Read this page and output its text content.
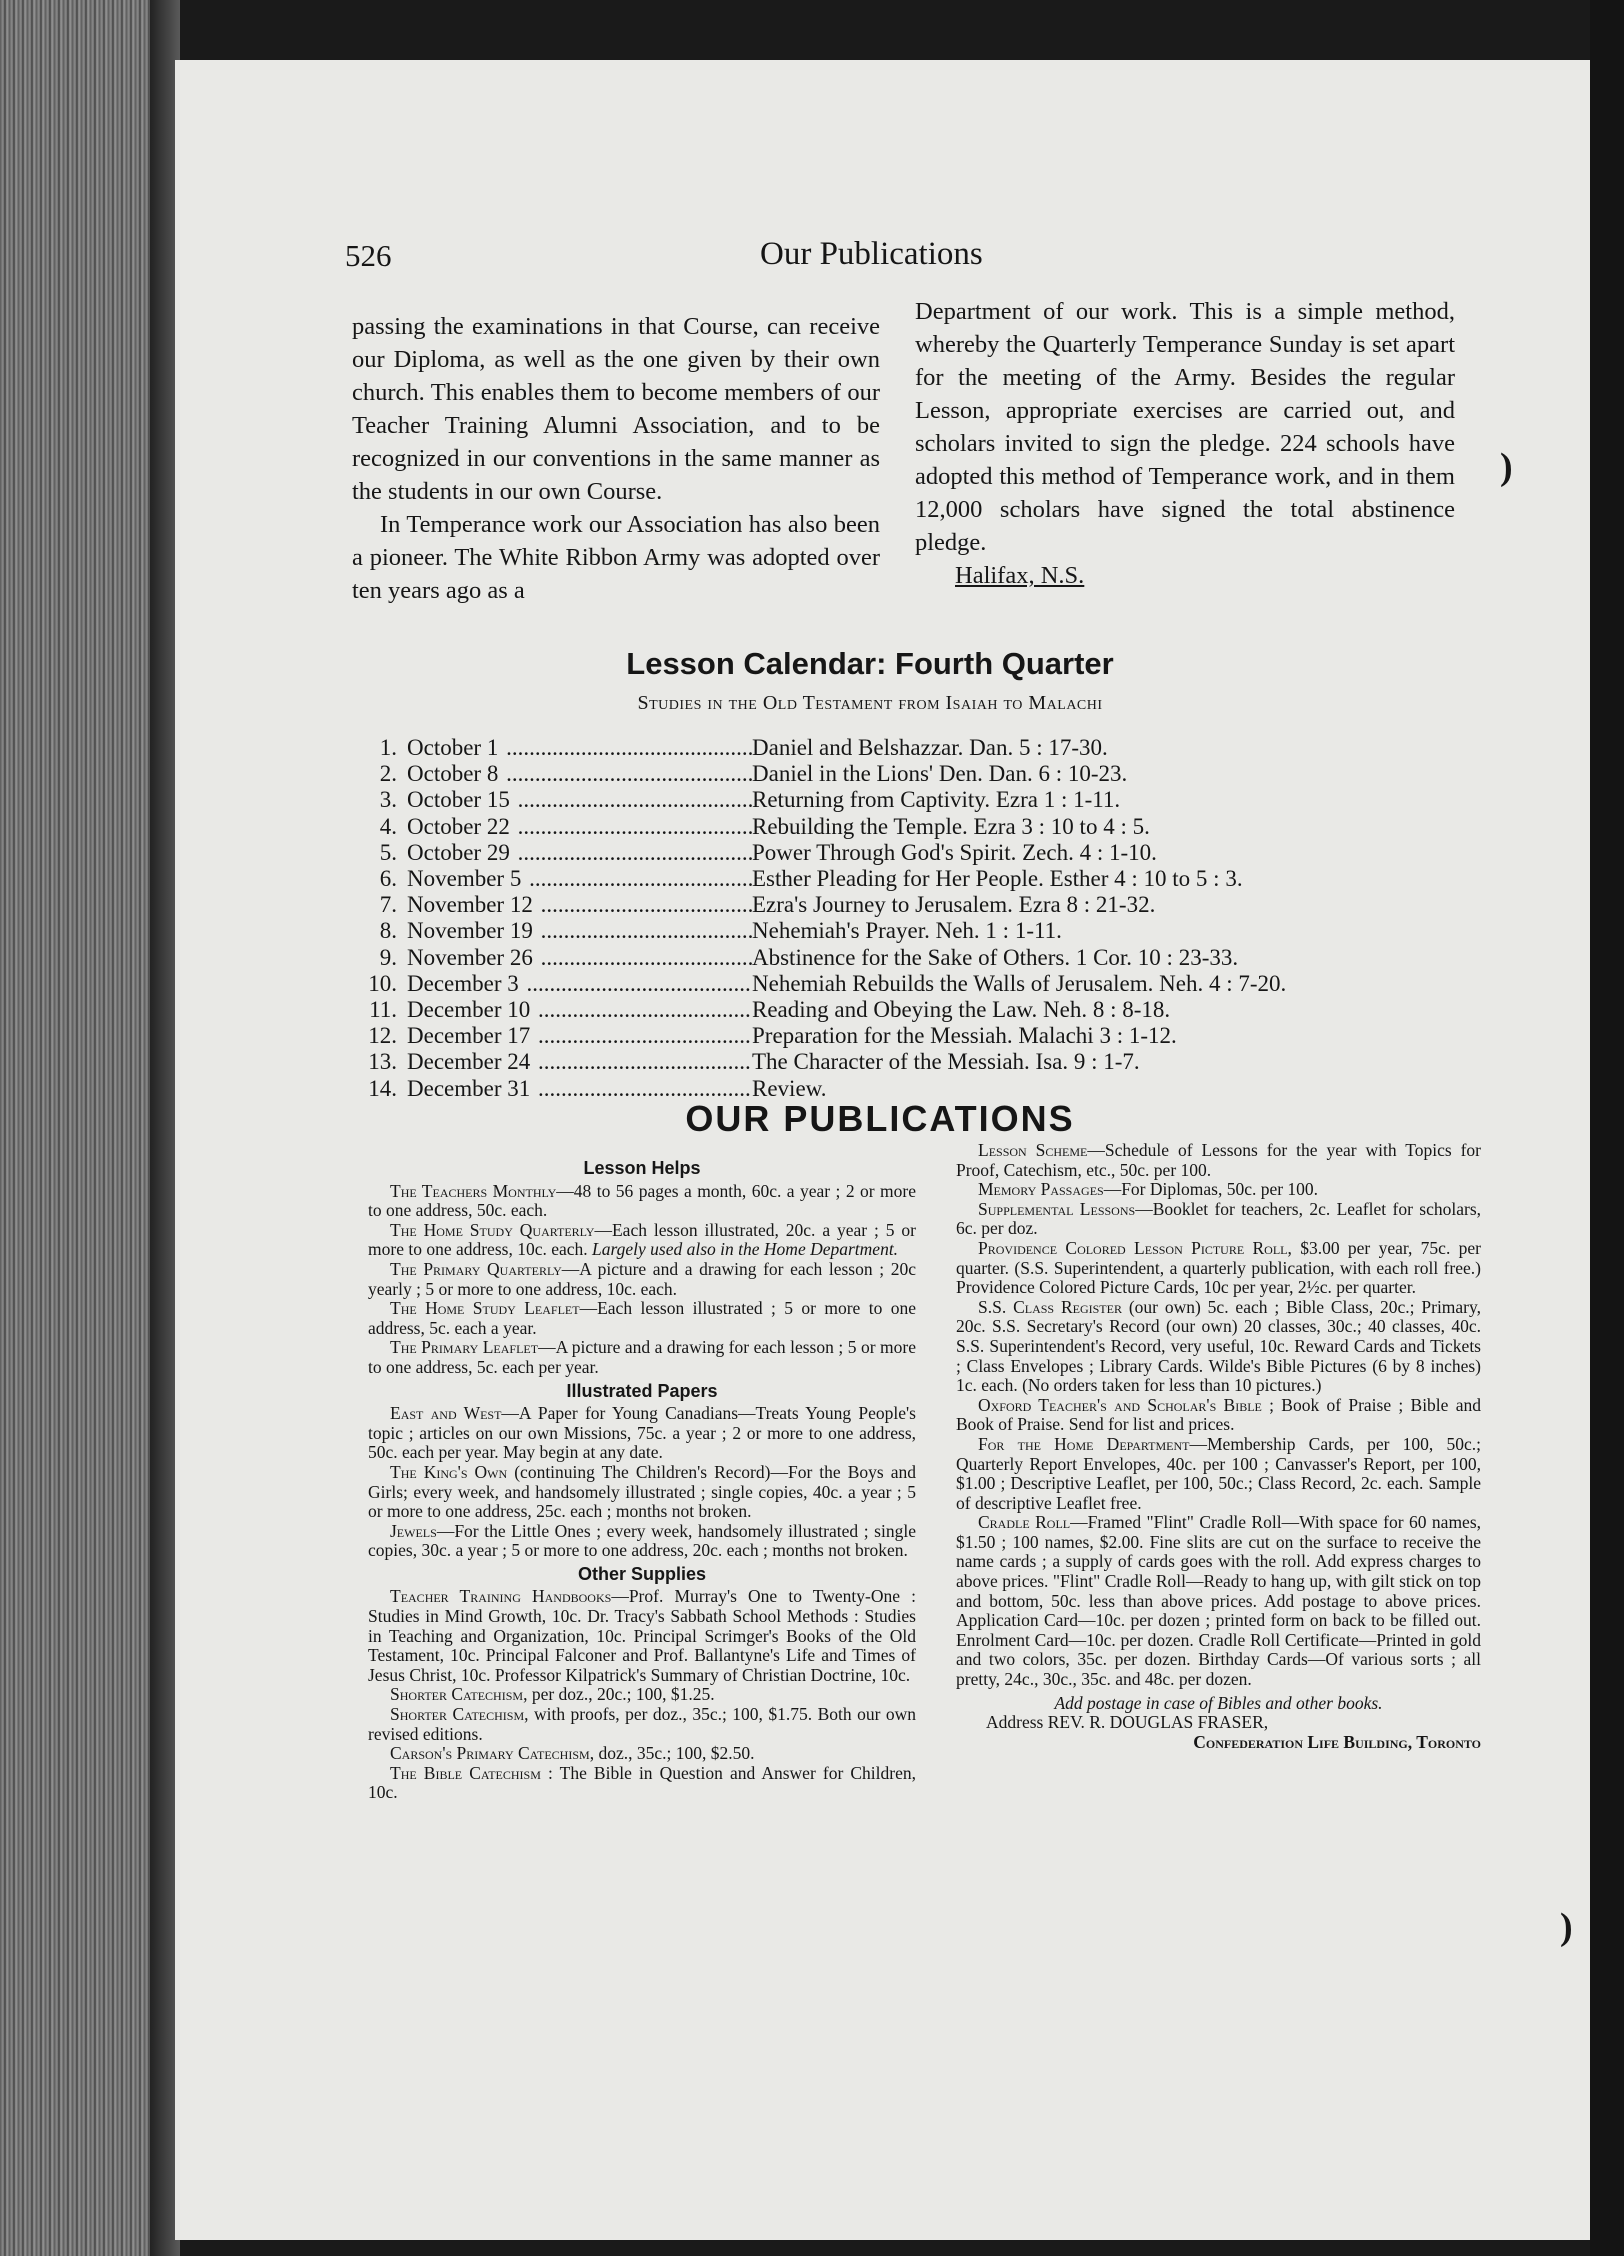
526	Our Publications

passing the examinations in that Course, can receive our Diploma, as well as the one given by their own church. This enables them to become members of our Teacher Training Alumni Association, and to be recognized in our conventions in the same manner as the students in our own Course.

In Temperance work our Association has also been a pioneer. The White Ribbon Army was adopted over ten years ago as a

Department of our work. This is a simple method, whereby the Quarterly Temperance Sunday is set apart for the meeting of the Army. Besides the regular Lesson, appropriate exercises are carried out, and scholars invited to sign the pledge. 224 schools have adopted this method of Temperance work, and in them 12,000 scholars have signed the total abstinence pledge.

Halifax, N.S.
Lesson Calendar: Fourth Quarter
Studies in the Old Testament from Isaiah to Malachi
1. October 1 .....	Daniel and Belshazzar. Dan. 5 : 17-30.
2. October 8 .....	Daniel in the Lions' Den. Dan. 6 : 10-23.
3. October 15 .....	Returning from Captivity. Ezra 1 : 1-11.
4. October 22 .....	Rebuilding the Temple. Ezra 3 : 10 to 4 : 5.
5. October 29 .....	Power Through God's Spirit. Zech. 4 : 1-10.
6. November 5 .....	Esther Pleading for Her People. Esther 4 : 10 to 5 : 3.
7. November 12 .....	Ezra's Journey to Jerusalem. Ezra 8 : 21-32.
8. November 19 .....	Nehemiah's Prayer. Neh. 1 : 1-11.
9. November 26 .....	Abstinence for the Sake of Others. 1 Cor. 10 : 23-33.
10. December 3 .....	Nehemiah Rebuilds the Walls of Jerusalem. Neh. 4 : 7-20.
11. December 10 .....	Reading and Obeying the Law. Neh. 8 : 8-18.
12. December 17 .....	Preparation for the Messiah. Malachi 3 : 1-12.
13. December 24 .....	The Character of the Messiah. Isa. 9 : 1-7.
14. December 31 .....	Review.
OUR PUBLICATIONS
Lesson Helps

The Teachers Monthly—48 to 56 pages a month, 60c. a year ; 2 or more to one address, 50c. each.

The Home Study Quarterly—Each lesson illustrated, 20c. a year ; 5 or more to one address, 10c. each. Largely used also in the Home Department.

The Primary Quarterly—A picture and a drawing for each lesson ; 20c yearly ; 5 or more to one address, 10c. each.

The Home Study Leaflet—Each lesson illustrated ; 5 or more to one address, 5c. each a year.

The Primary Leaflet—A picture and a drawing for each lesson ; 5 or more to one address, 5c. each per year.

Illustrated Papers

East and West—A Paper for Young Canadians—Treats Young People's topic ; articles on our own Missions, 75c. a year ; 2 or more to one address, 50c. each per year. May begin at any date.

The King's Own (continuing The Children's Record)—For the Boys and Girls; every week, and handsomely illustrated ; single copies, 40c. a year ; 5 or more to one address, 25c. each ; months not broken.

Jewels—For the Little Ones ; every week, handsomely illustrated ; single copies, 30c. a year ; 5 or more to one address, 20c. each ; months not broken.

Other Supplies

Teacher Training Handbooks—Prof. Murray's One to Twenty-One : Studies in Mind Growth, 10c. Dr. Tracy's Sabbath School Methods : Studies in Teaching and Organization, 10c. Principal Scrimger's Books of the Old Testament, 10c. Principal Falconer and Prof. Ballantyne's Life and Times of Jesus Christ, 10c. Professor Kilpatrick's Summary of Christian Doctrine, 10c.

Shorter Catechism, per doz., 20c.; 100, $1.25.

Shorter Catechism, with proofs, per doz., 35c.; 100, $1.75. Both our own revised editions.

Carson's Primary Catechism, doz., 35c.; 100, $2.50.

The Bible Catechism : The Bible in Question and Answer for Children, 10c.

Lesson Scheme—Schedule of Lessons for the year with Topics for Proof, Catechism, etc., 50c. per 100.

Memory Passages—For Diplomas, 50c. per 100.

Supplemental Lessons—Booklet for teachers, 2c. Leaflet for scholars, 6c. per doz.

Providence Colored Lesson Picture Roll, $3.00 per year, 75c. per quarter. (S.S. Superintendent, a quarterly publication, with each roll free.) Providence Colored Picture Cards, 10c per year, 2½c. per quarter.

S.S. Class Register (our own) 5c. each ; Bible Class, 20c.; Primary, 20c. S.S. Secretary's Record (our own) 20 classes, 30c.; 40 classes, 40c. S.S. Superintendent's Record, very useful, 10c. Reward Cards and Tickets ; Class Envelopes ; Library Cards. Wilde's Bible Pictures (6 by 8 inches) 1c. each. (No orders taken for less than 10 pictures.)

Oxford Teacher's and Scholar's Bible ; Book of Praise ; Bible and Book of Praise. Send for list and prices.

For the Home Department—Membership Cards, per 100, 50c.; Quarterly Report Envelopes, 40c. per 100 ; Canvasser's Report, per 100, $1.00 ; Descriptive Leaflet, per 100, 50c.; Class Record, 2c. each. Sample of descriptive Leaflet free.

Cradle Roll—Framed "Flint" Cradle Roll—With space for 60 names, $1.50 ; 100 names, $2.00. Fine slits are cut on the surface to receive the name cards ; a supply of cards goes with the roll. Add express charges to above prices. "Flint" Cradle Roll—Ready to hang up, with gilt stick on top and bottom, 50c. less than above prices. Add postage to above prices. Application Card—10c. per dozen ; printed form on back to be filled out. Enrolment Card—10c. per dozen. Cradle Roll Certificate—Printed in gold and two colors, 35c. per dozen. Birthday Cards—Of various sorts ; all pretty, 24c., 30c., 35c. and 48c. per dozen.

Add postage in case of Bibles and other books.

Address REV. R. DOUGLAS FRASER,

Confederation Life Building, Toronto

)
)
